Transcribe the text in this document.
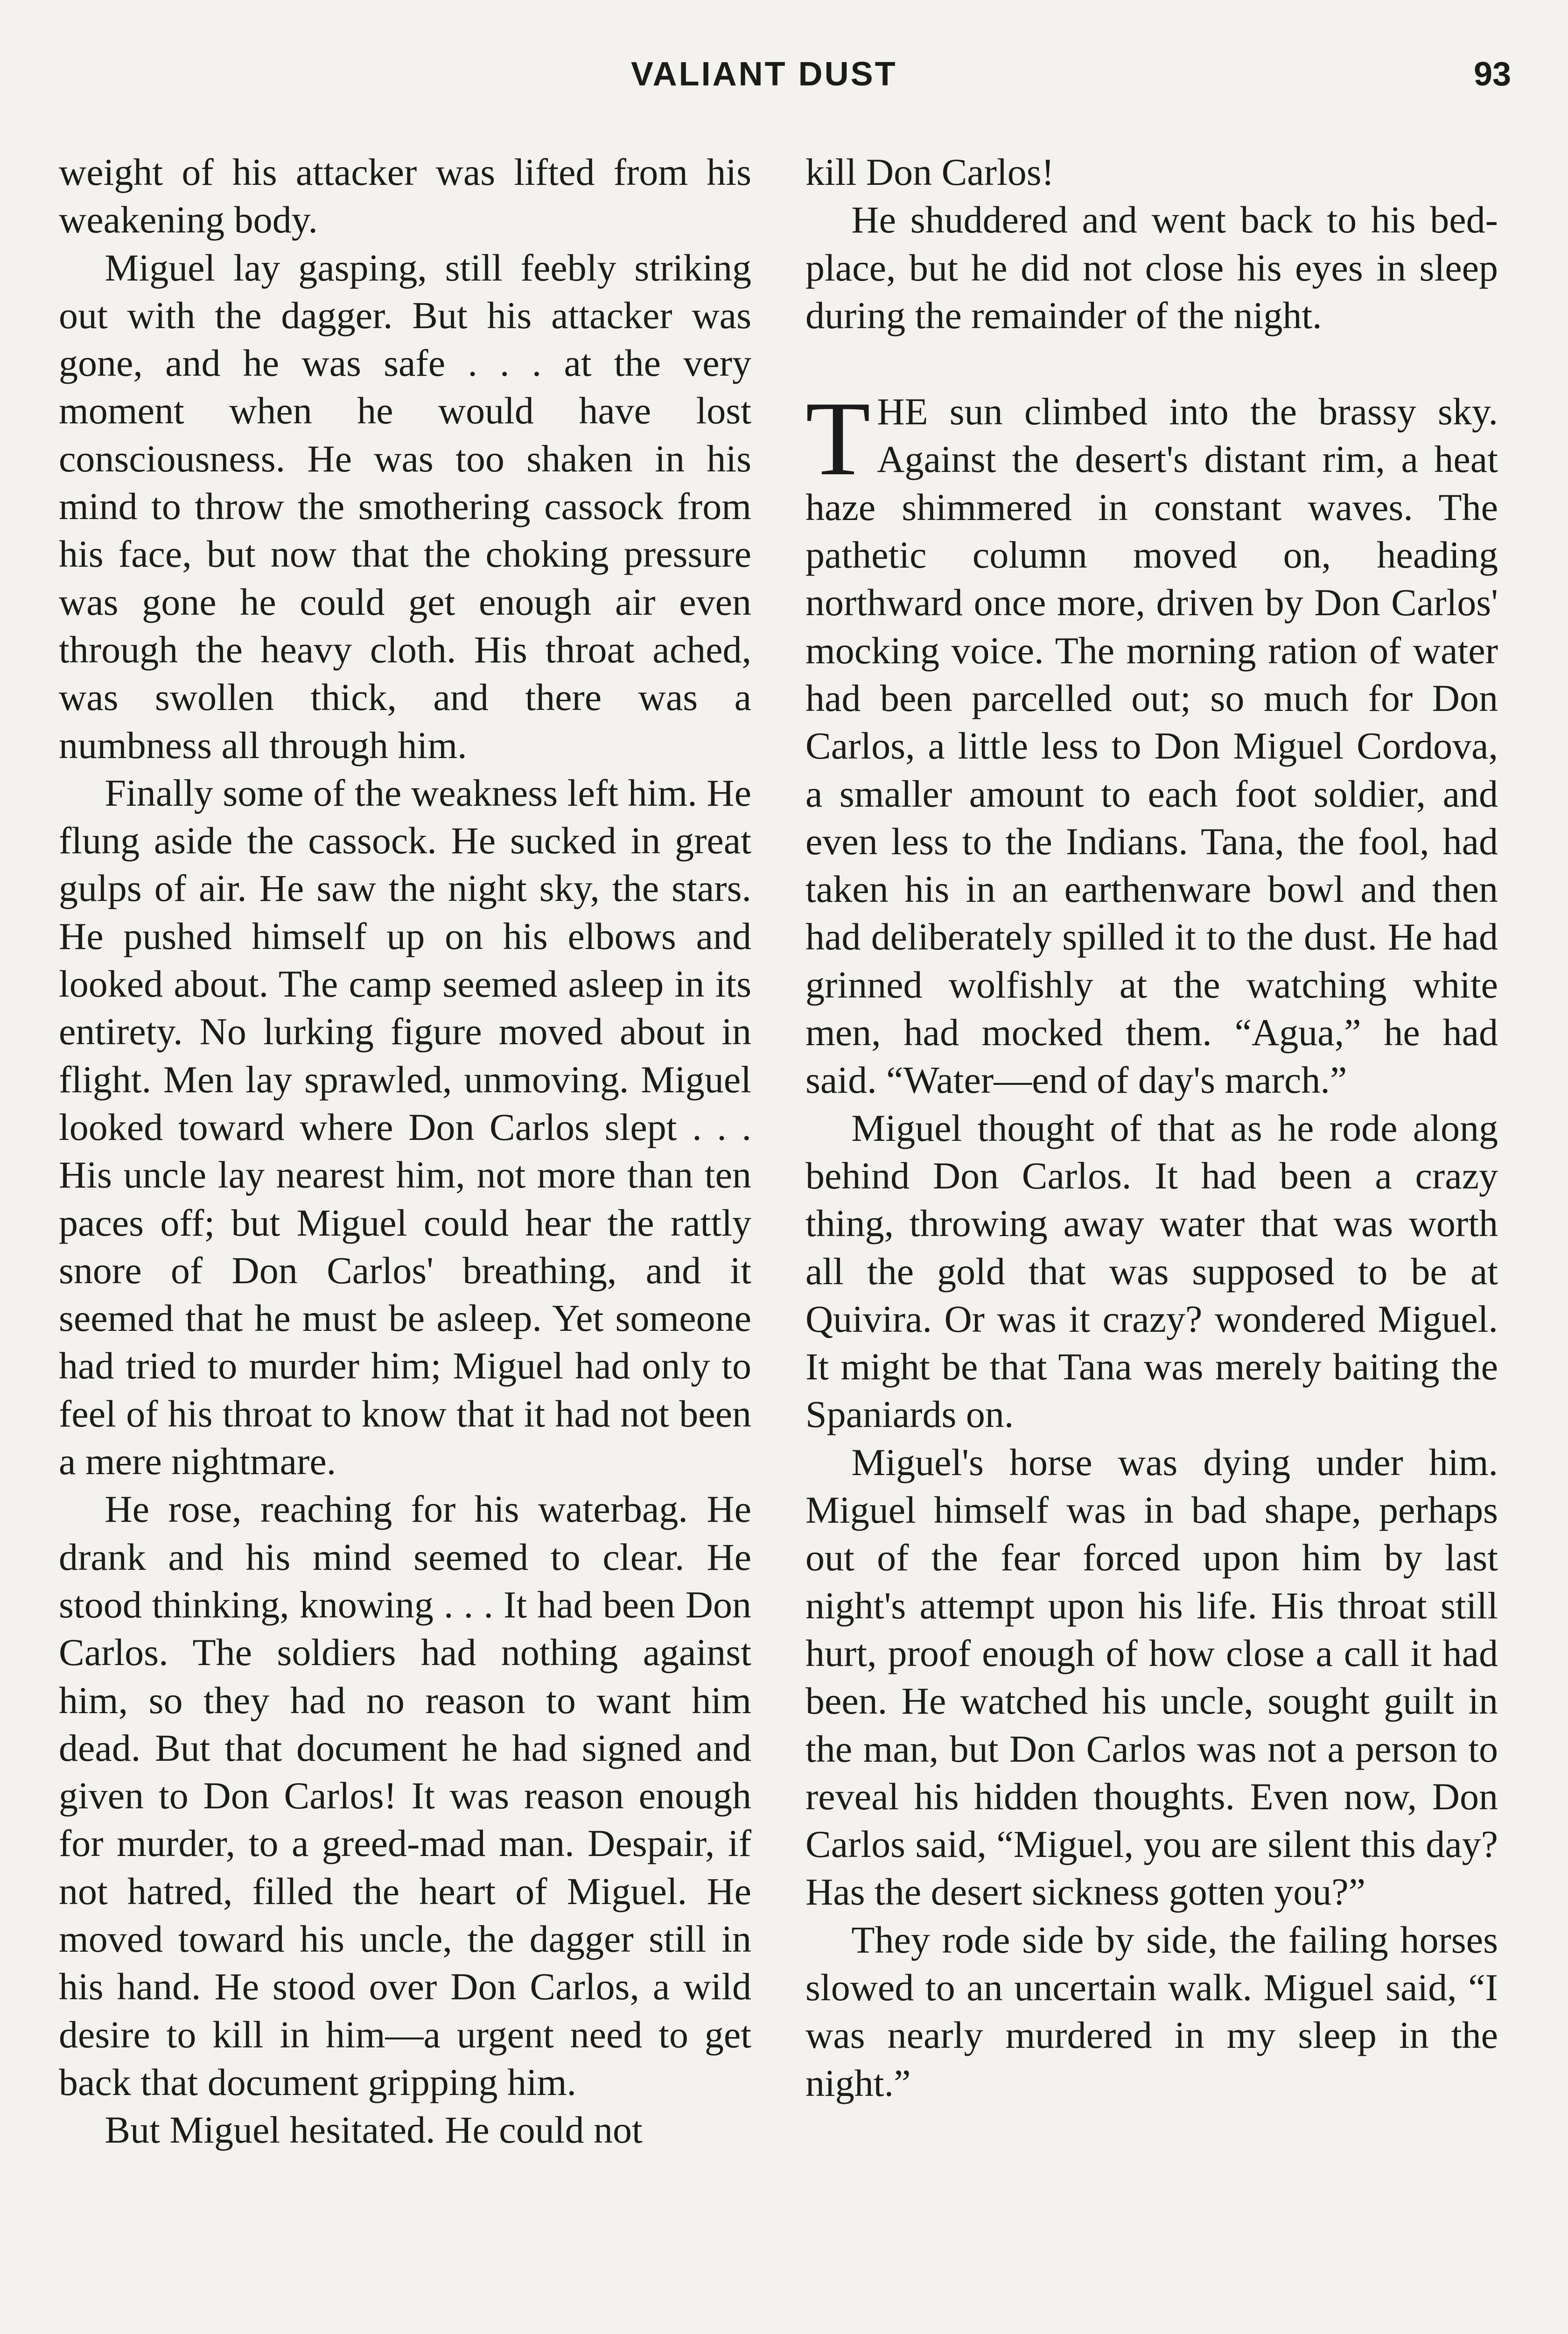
VALIANT DUST	93

weight of his attacker was lifted from his weakening body.

Miguel lay gasping, still feebly striking out with the dagger. But his attacker was gone, and he was safe . . . at the very moment when he would have lost consciousness. He was too shaken in his mind to throw the smothering cassock from his face, but now that the choking pressure was gone he could get enough air even through the heavy cloth. His throat ached, was swollen thick, and there was a numbness all through him.

Finally some of the weakness left him. He flung aside the cassock. He sucked in great gulps of air. He saw the night sky, the stars. He pushed himself up on his elbows and looked about. The camp seemed asleep in its entirety. No lurking figure moved about in flight. Men lay sprawled, unmoving. Miguel looked toward where Don Carlos slept . . . His uncle lay nearest him, not more than ten paces off; but Miguel could hear the rattly snore of Don Carlos' breathing, and it seemed that he must be asleep. Yet someone had tried to murder him; Miguel had only to feel of his throat to know that it had not been a mere nightmare.

He rose, reaching for his waterbag. He drank and his mind seemed to clear. He stood thinking, knowing . . . It had been Don Carlos. The soldiers had nothing against him, so they had no reason to want him dead. But that document he had signed and given to Don Carlos! It was reason enough for murder, to a greed-mad man. Despair, if not hatred, filled the heart of Miguel. He moved toward his uncle, the dagger still in his hand. He stood over Don Carlos, a wild desire to kill in him—a urgent need to get back that document gripping him.

But Miguel hesitated. He could not

kill Don Carlos!

He shuddered and went back to his bed-place, but he did not close his eyes in sleep during the remainder of the night.

THE sun climbed into the brassy sky. Against the desert's distant rim, a heat haze shimmered in constant waves. The pathetic column moved on, heading northward once more, driven by Don Carlos' mocking voice. The morning ration of water had been parcelled out; so much for Don Carlos, a little less to Don Miguel Cordova, a smaller amount to each foot soldier, and even less to the Indians. Tana, the fool, had taken his in an earthenware bowl and then had deliberately spilled it to the dust. He had grinned wolfishly at the watching white men, had mocked them. “Agua,” he had said. “Water—end of day's march.”

Miguel thought of that as he rode along behind Don Carlos. It had been a crazy thing, throwing away water that was worth all the gold that was supposed to be at Quivira. Or was it crazy? wondered Miguel. It might be that Tana was merely baiting the Spaniards on.

Miguel's horse was dying under him. Miguel himself was in bad shape, perhaps out of the fear forced upon him by last night's attempt upon his life. His throat still hurt, proof enough of how close a call it had been. He watched his uncle, sought guilt in the man, but Don Carlos was not a person to reveal his hidden thoughts. Even now, Don Carlos said, “Miguel, you are silent this day? Has the desert sickness gotten you?”

They rode side by side, the failing horses slowed to an uncertain walk. Miguel said, “I was nearly murdered in my sleep in the night.”
